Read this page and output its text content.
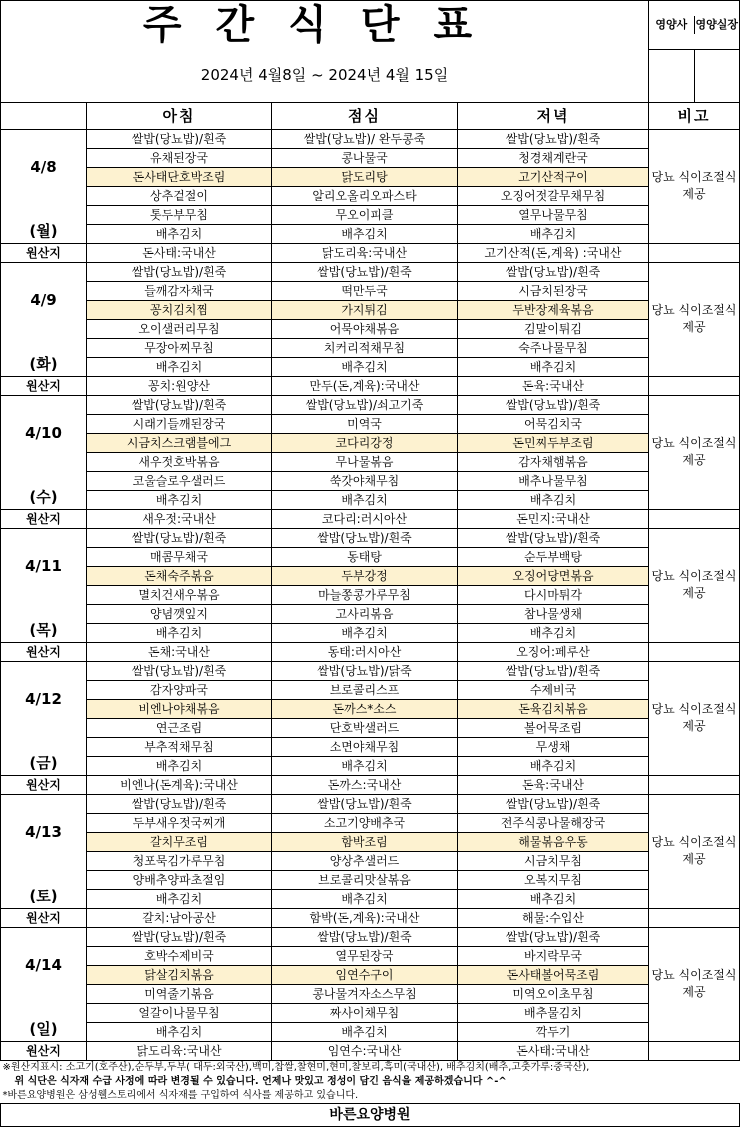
주간식단표				영양사 영양실장

2024년 4월8일 ~ 2024년 4월 15일				

	아침	점심	저녁	비고

4/8
(월)	쌀밥(당뇨밥)/흰죽	쌀밥(당뇨밥)/ 완두콩죽	쌀밥(당뇨밥)/흰죽	당뇨 식이조절식 제공
	유채된장국	콩나물국	청경채계란국	
	돈사태단호박조림	닭도리탕	고기산적구이	
	상추겉절이	알리오올리오파스타	오징어젓갈무채무침	
	톳두부무침	무오이피클	열무나물무침	
	배추김치	배추김치	배추김치	
원산지	돈사태:국내산	닭도리육:국내산	고기산적(돈,계육) :국내산	

4/9
(화)	쌀밥(당뇨밥)/흰죽	쌀밥(당뇨밥)/흰죽	쌀밥(당뇨밥)/흰죽	당뇨 식이조절식 제공
	들깨감자채국	떡만두국	시금치된장국	
	꽁치김치찜	가지튀김	두반장제육볶음	
	오이샐러리무침	어묵야채볶음	김말이튀김	
	무장아찌무침	치커리적채무침	숙주나물무침	
	배추김치	배추김치	배추김치	
원산지	꽁치:원양산	만두(돈,계육):국내산	돈육:국내산	

4/10
(수)	쌀밥(당뇨밥)/흰죽	쌀밥(당뇨밥)/쇠고기죽	쌀밥(당뇨밥)/흰죽	당뇨 식이조절식 제공
	시래기들깨된장국	미역국	어묵김치국	
	시금치스크램블에그	코다리강정	돈민찌두부조림	
	새우젓호박볶음	무나물볶음	감자채햄볶음	
	코울슬로우샐러드	쑥갓야채무침	배추나물무침	
	배추김치	배추김치	배추김치	
원산지	새우젓:국내산	코다리:러시아산	돈민지:국내산	

4/11
(목)	쌀밥(당뇨밥)/흰죽	쌀밥(당뇨밥)/흰죽	쌀밥(당뇨밥)/흰죽	당뇨 식이조절식 제공
	매콤무채국	동태탕	순두부백탕	
	돈채숙주볶음	두부강정	오징어당면볶음	
	멸치건새우볶음	마늘쫑콩가루무침	다시마튀각	
	양념깻잎지	고사리볶음	참나물생채	
	배추김치	배추김치	배추김치	
원산지	돈채:국내산	동태:러시아산	오징어:페루산	

4/12
(금)	쌀밥(당뇨밥)/흰죽	쌀밥(당뇨밥)/닭죽	쌀밥(당뇨밥)/흰죽	당뇨 식이조절식 제공
	감자양파국	브로콜리스프	수제비국	
	비엔나야채볶음	돈까스*소스	돈육김치볶음	
	연근조림	단호박샐러드	볼어묵조림	
	부추적채무침	소면야채무침	무생채	
	배추김치	배추김치	배추김치	
원산지	비엔나(돈계육):국내산	돈까스:국내산	돈육:국내산	

4/13
(토)	쌀밥(당뇨밥)/흰죽	쌀밥(당뇨밥)/흰죽	쌀밥(당뇨밥)/흰죽	당뇨 식이조절식 제공
	두부새우젓국찌개	소고기양배추국	전주식콩나물해장국	
	갈치무조림	함박조림	해물볶음우동	
	청포묵김가루무침	양상추샐러드	시금치무침	
	양배추양파초절임	브로콜리맛살볶음	오복지무침	
	배추김치	배추김치	배추김치	
원산지	갈치:남아공산	함박(돈,계육):국내산	해물:수입산	

4/14
(일)	쌀밥(당뇨밥)/흰죽	쌀밥(당뇨밥)/흰죽	쌀밥(당뇨밥)/흰죽	당뇨 식이조절식 제공
	호박수제비국	열무된장국	바지락무국	
	닭살김치볶음	임연수구이	돈사태볼어묵조림	
	미역줄기볶음	콩나물겨자소스무침	미역오이초무침	
	얼갈이나물무침	짜사이채무침	배추물김치	
	배추김치	배추김치	깍두기	
원산지	닭도리육:국내산	임연수:국내산	돈사태:국내산	
※원산지표시: 소고기(호주산),순두부,두부( 대두:외국산),백미,찹쌀,찰현미,현미,찰보리,흑미(국내산), 배추김치(배추,고춧가루:중국산),				
위 식단은 식자재 수급 사정에 따라 변경될 수 있습니다. 언제나 맛있고 정성이 담긴 음식을 제공하겠습니다 ^-^				
*바른요양병원은 삼성웰스토리에서 식자재를 구입하여 식사를 제공하고 있습니다.				
바른요양병원				
